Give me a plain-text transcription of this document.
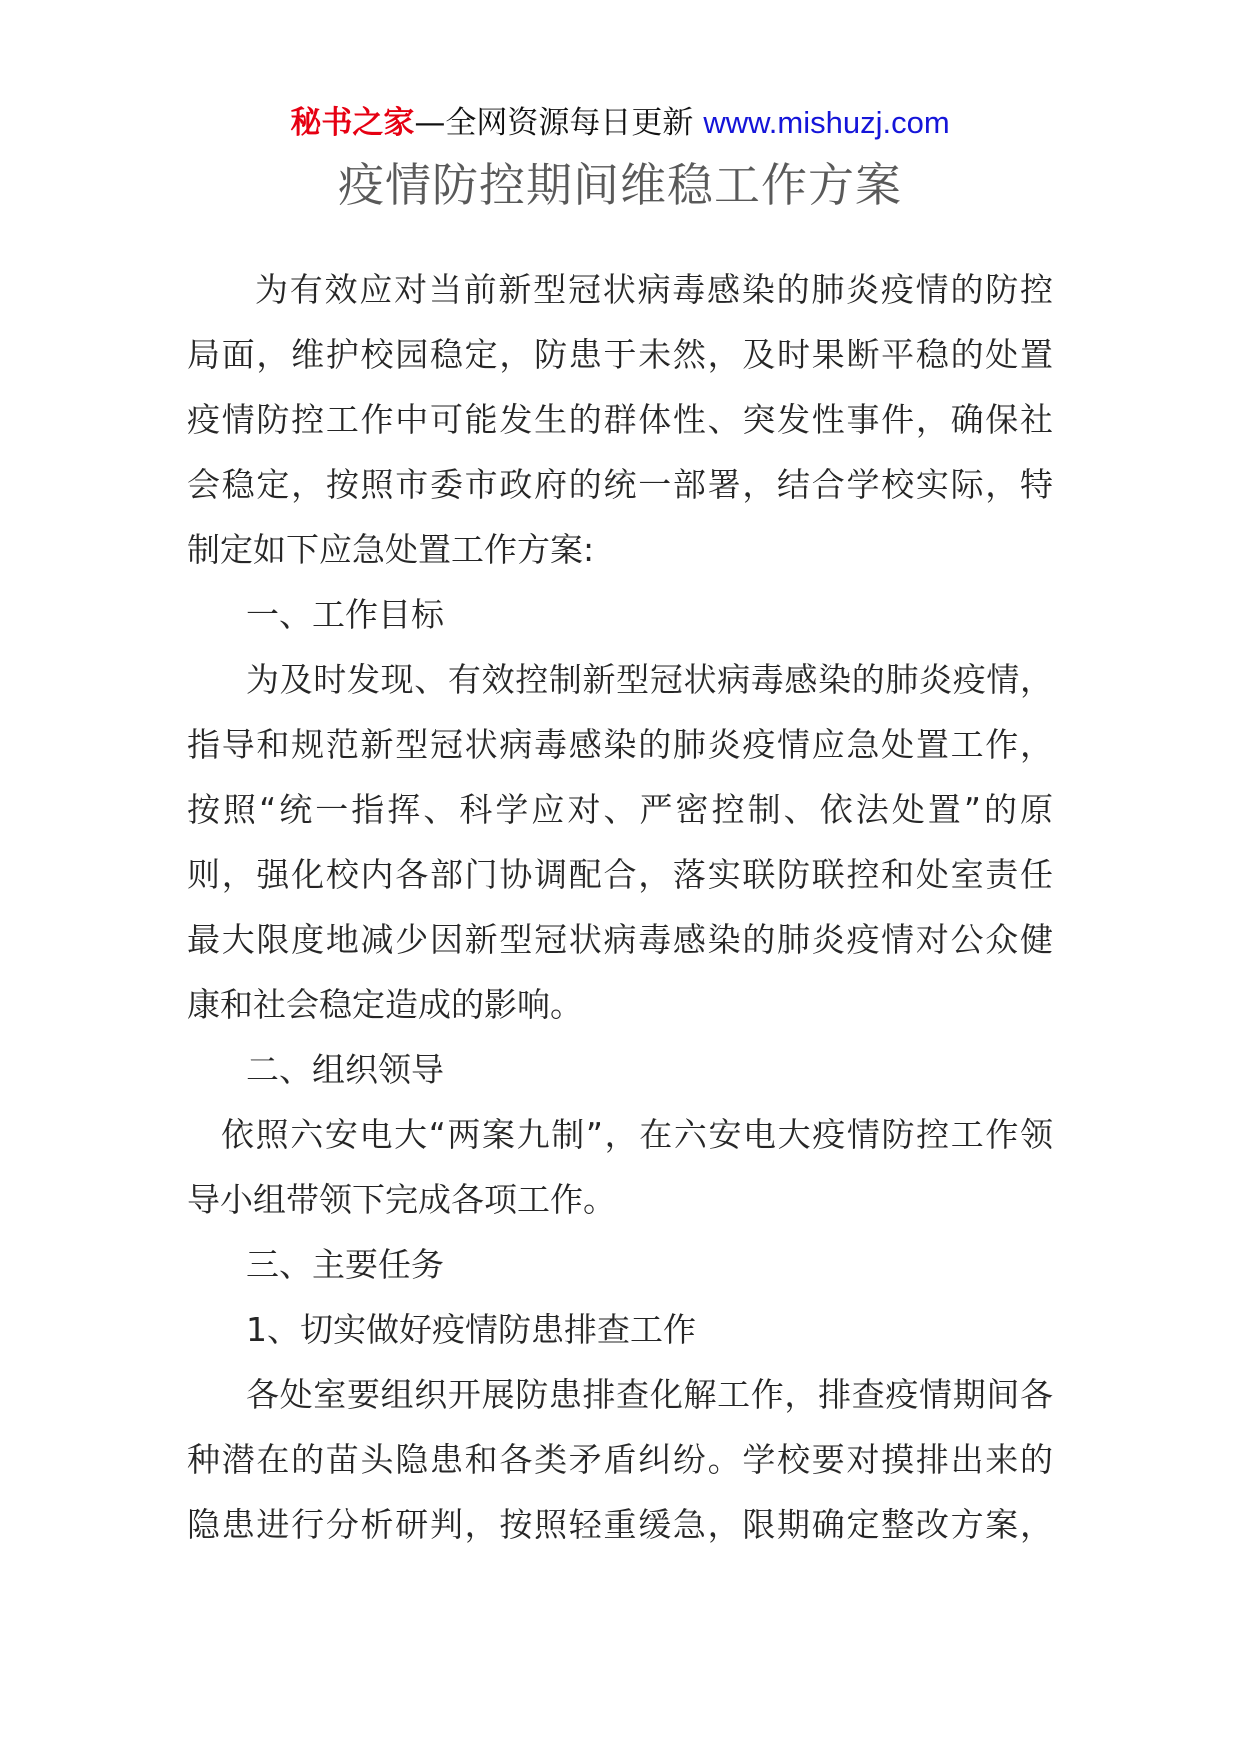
秘书之家—全网资源每日更新 www.mishuzj.com
疫情防控期间维稳工作方案
为有效应对当前新型冠状病毒感染的肺炎疫情的防控
局面，维护校园稳定，防患于未然，及时果断平稳的处置
疫情防控工作中可能发生的群体性、突发性事件，确保社
会稳定，按照市委市政府的统一部署，结合学校实际，特
制定如下应急处置工作方案:
一、工作目标
为及时发现、有效控制新型冠状病毒感染的肺炎疫情，
指导和规范新型冠状病毒感染的肺炎疫情应急处置工作，
按照“统一指挥、科学应对、严密控制、依法处置”的原
则，强化校内各部门协调配合，落实联防联控和处室责任
最大限度地减少因新型冠状病毒感染的肺炎疫情对公众健
康和社会稳定造成的影响。
二、组织领导
依照六安电大“两案九制”，在六安电大疫情防控工作领
导小组带领下完成各项工作。
三、主要任务
1、切实做好疫情防患排查工作
各处室要组织开展防患排查化解工作，排查疫情期间各
种潜在的苗头隐患和各类矛盾纠纷。学校要对摸排出来的
隐患进行分析研判，按照轻重缓急，限期确定整改方案，
